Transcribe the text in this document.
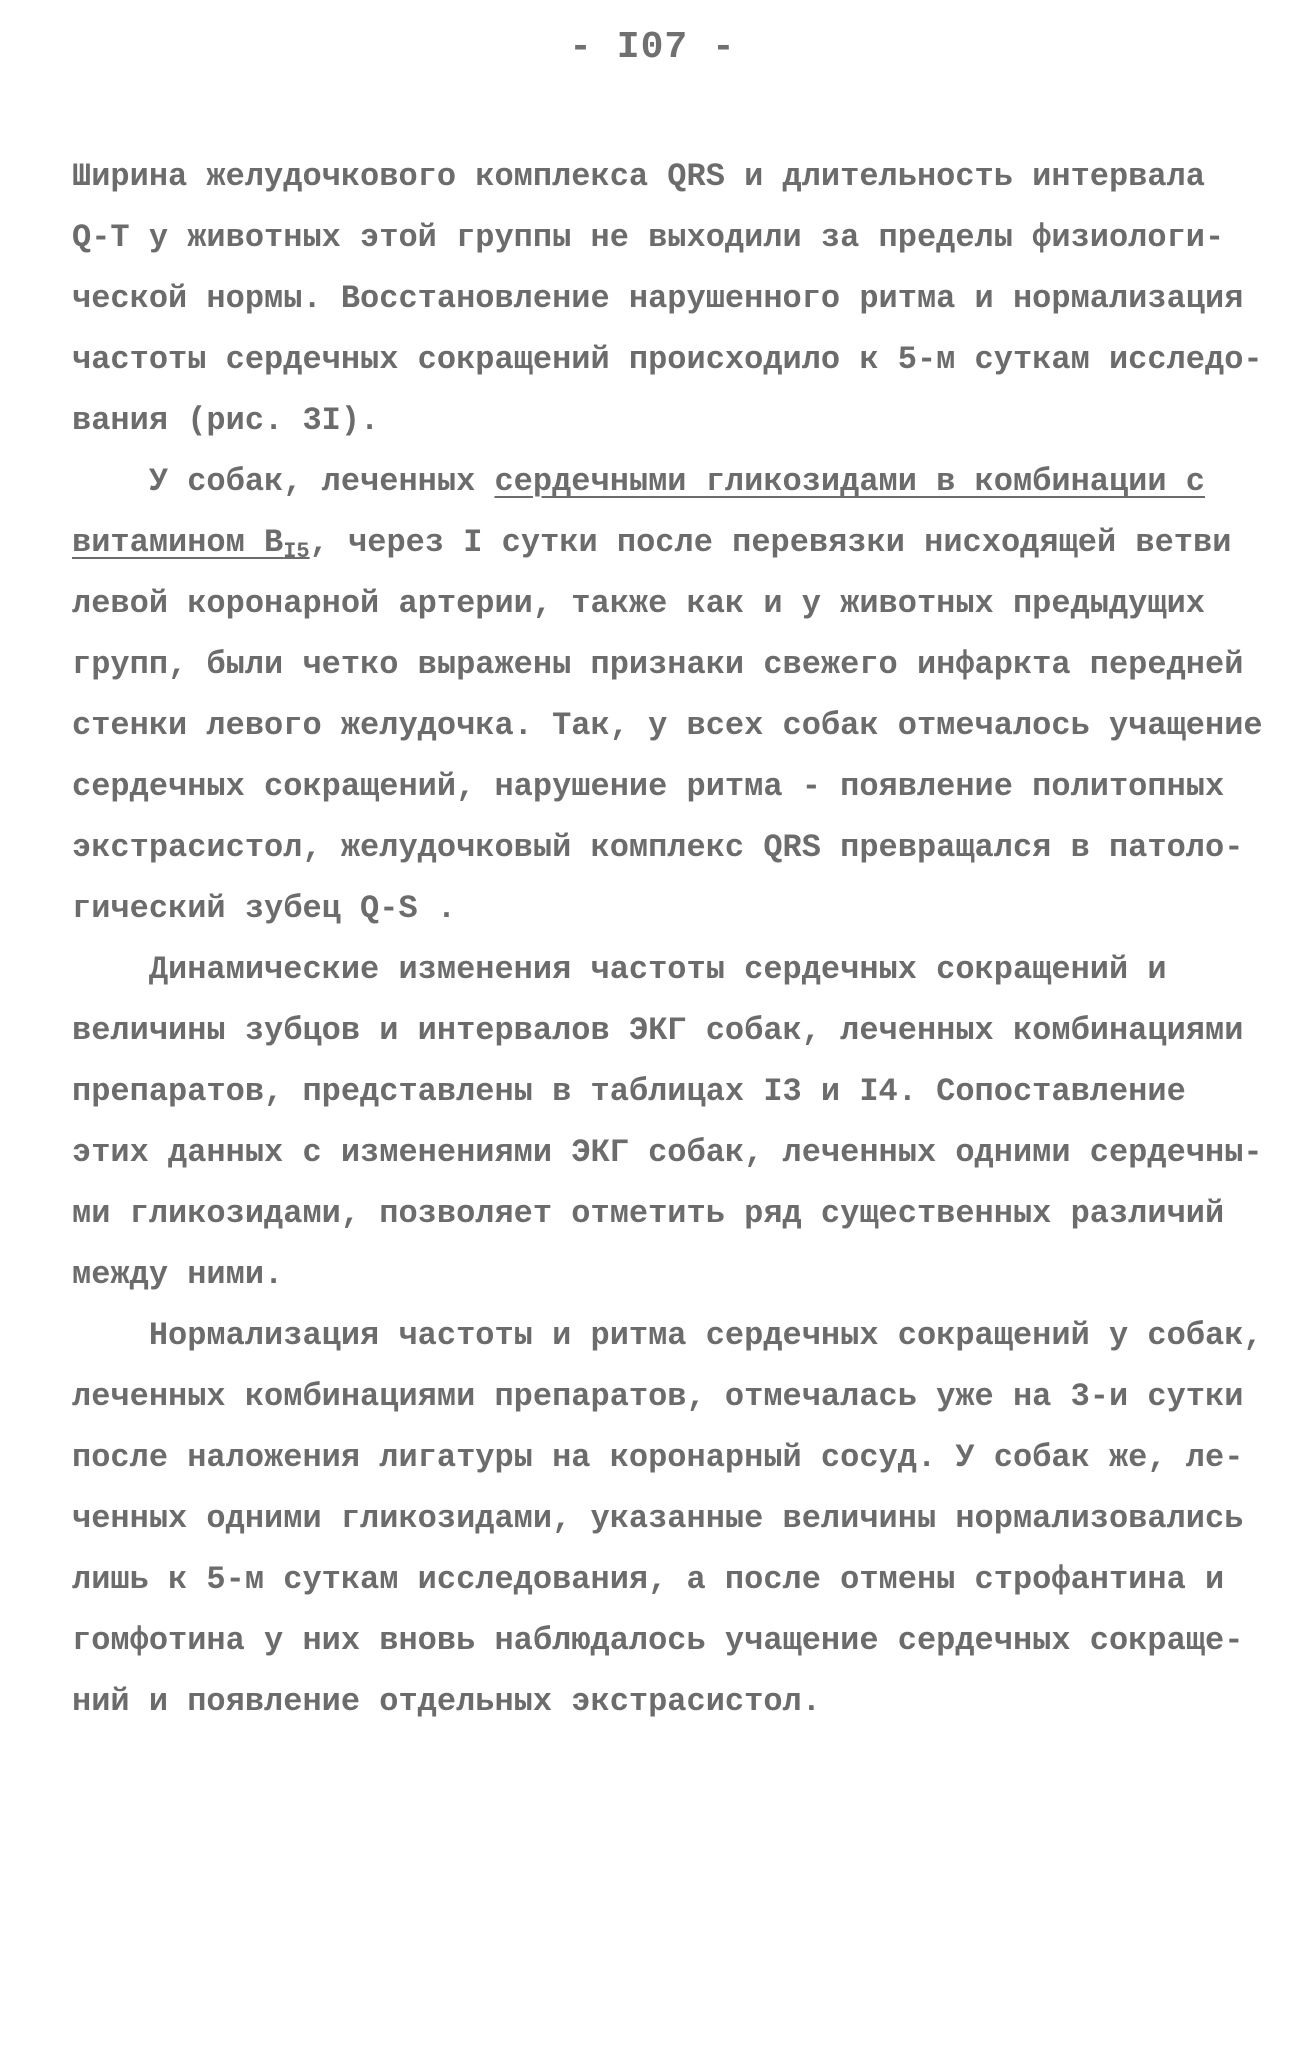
- I07 -
Ширина желудочкового комплекса QRS и длительность интервала
Q-T у животных этой группы не выходили за пределы физиологи-
ческой нормы. Восстановление нарушенного ритма и нормализация
частоты сердечных сокращений происходило к 5-м суткам исследо-
вания (рис. 3I).
У собак, леченных сердечными гликозидами в комбинации с
витамином $B_{I5}$, через I сутки после перевязки нисходящей ветви
левой коронарной артерии, также как и у животных предыдущих
групп, были четко выражены признаки свежего инфаркта передней
стенки левого желудочка. Так, у всех собак отмечалось учащение
сердечных сокращений, нарушение ритма - появление политопных
экстрасистол, желудочковый комплекс QRS превращался в патоло-
гический зубец Q-S .
Динамические изменения частоты сердечных сокращений и
величины зубцов и интервалов ЭКГ собак, леченных комбинациями
препаратов, представлены в таблицах I3 и I4. Сопоставление
этих данных с изменениями ЭКГ собак, леченных одними сердечны-
ми гликозидами, позволяет отметить ряд существенных различий
между ними.
Нормализация частоты и ритма сердечных сокращений у собак,
леченных комбинациями препаратов, отмечалась уже на 3-и сутки
после наложения лигатуры на коронарный сосуд. У собак же, ле-
ченных одними гликозидами, указанные величины нормализовались
лишь к 5-м суткам исследования, а после отмены строфантина и
гомфотина у них вновь наблюдалось учащение сердечных сокраще-
ний и появление отдельных экстрасистол.
